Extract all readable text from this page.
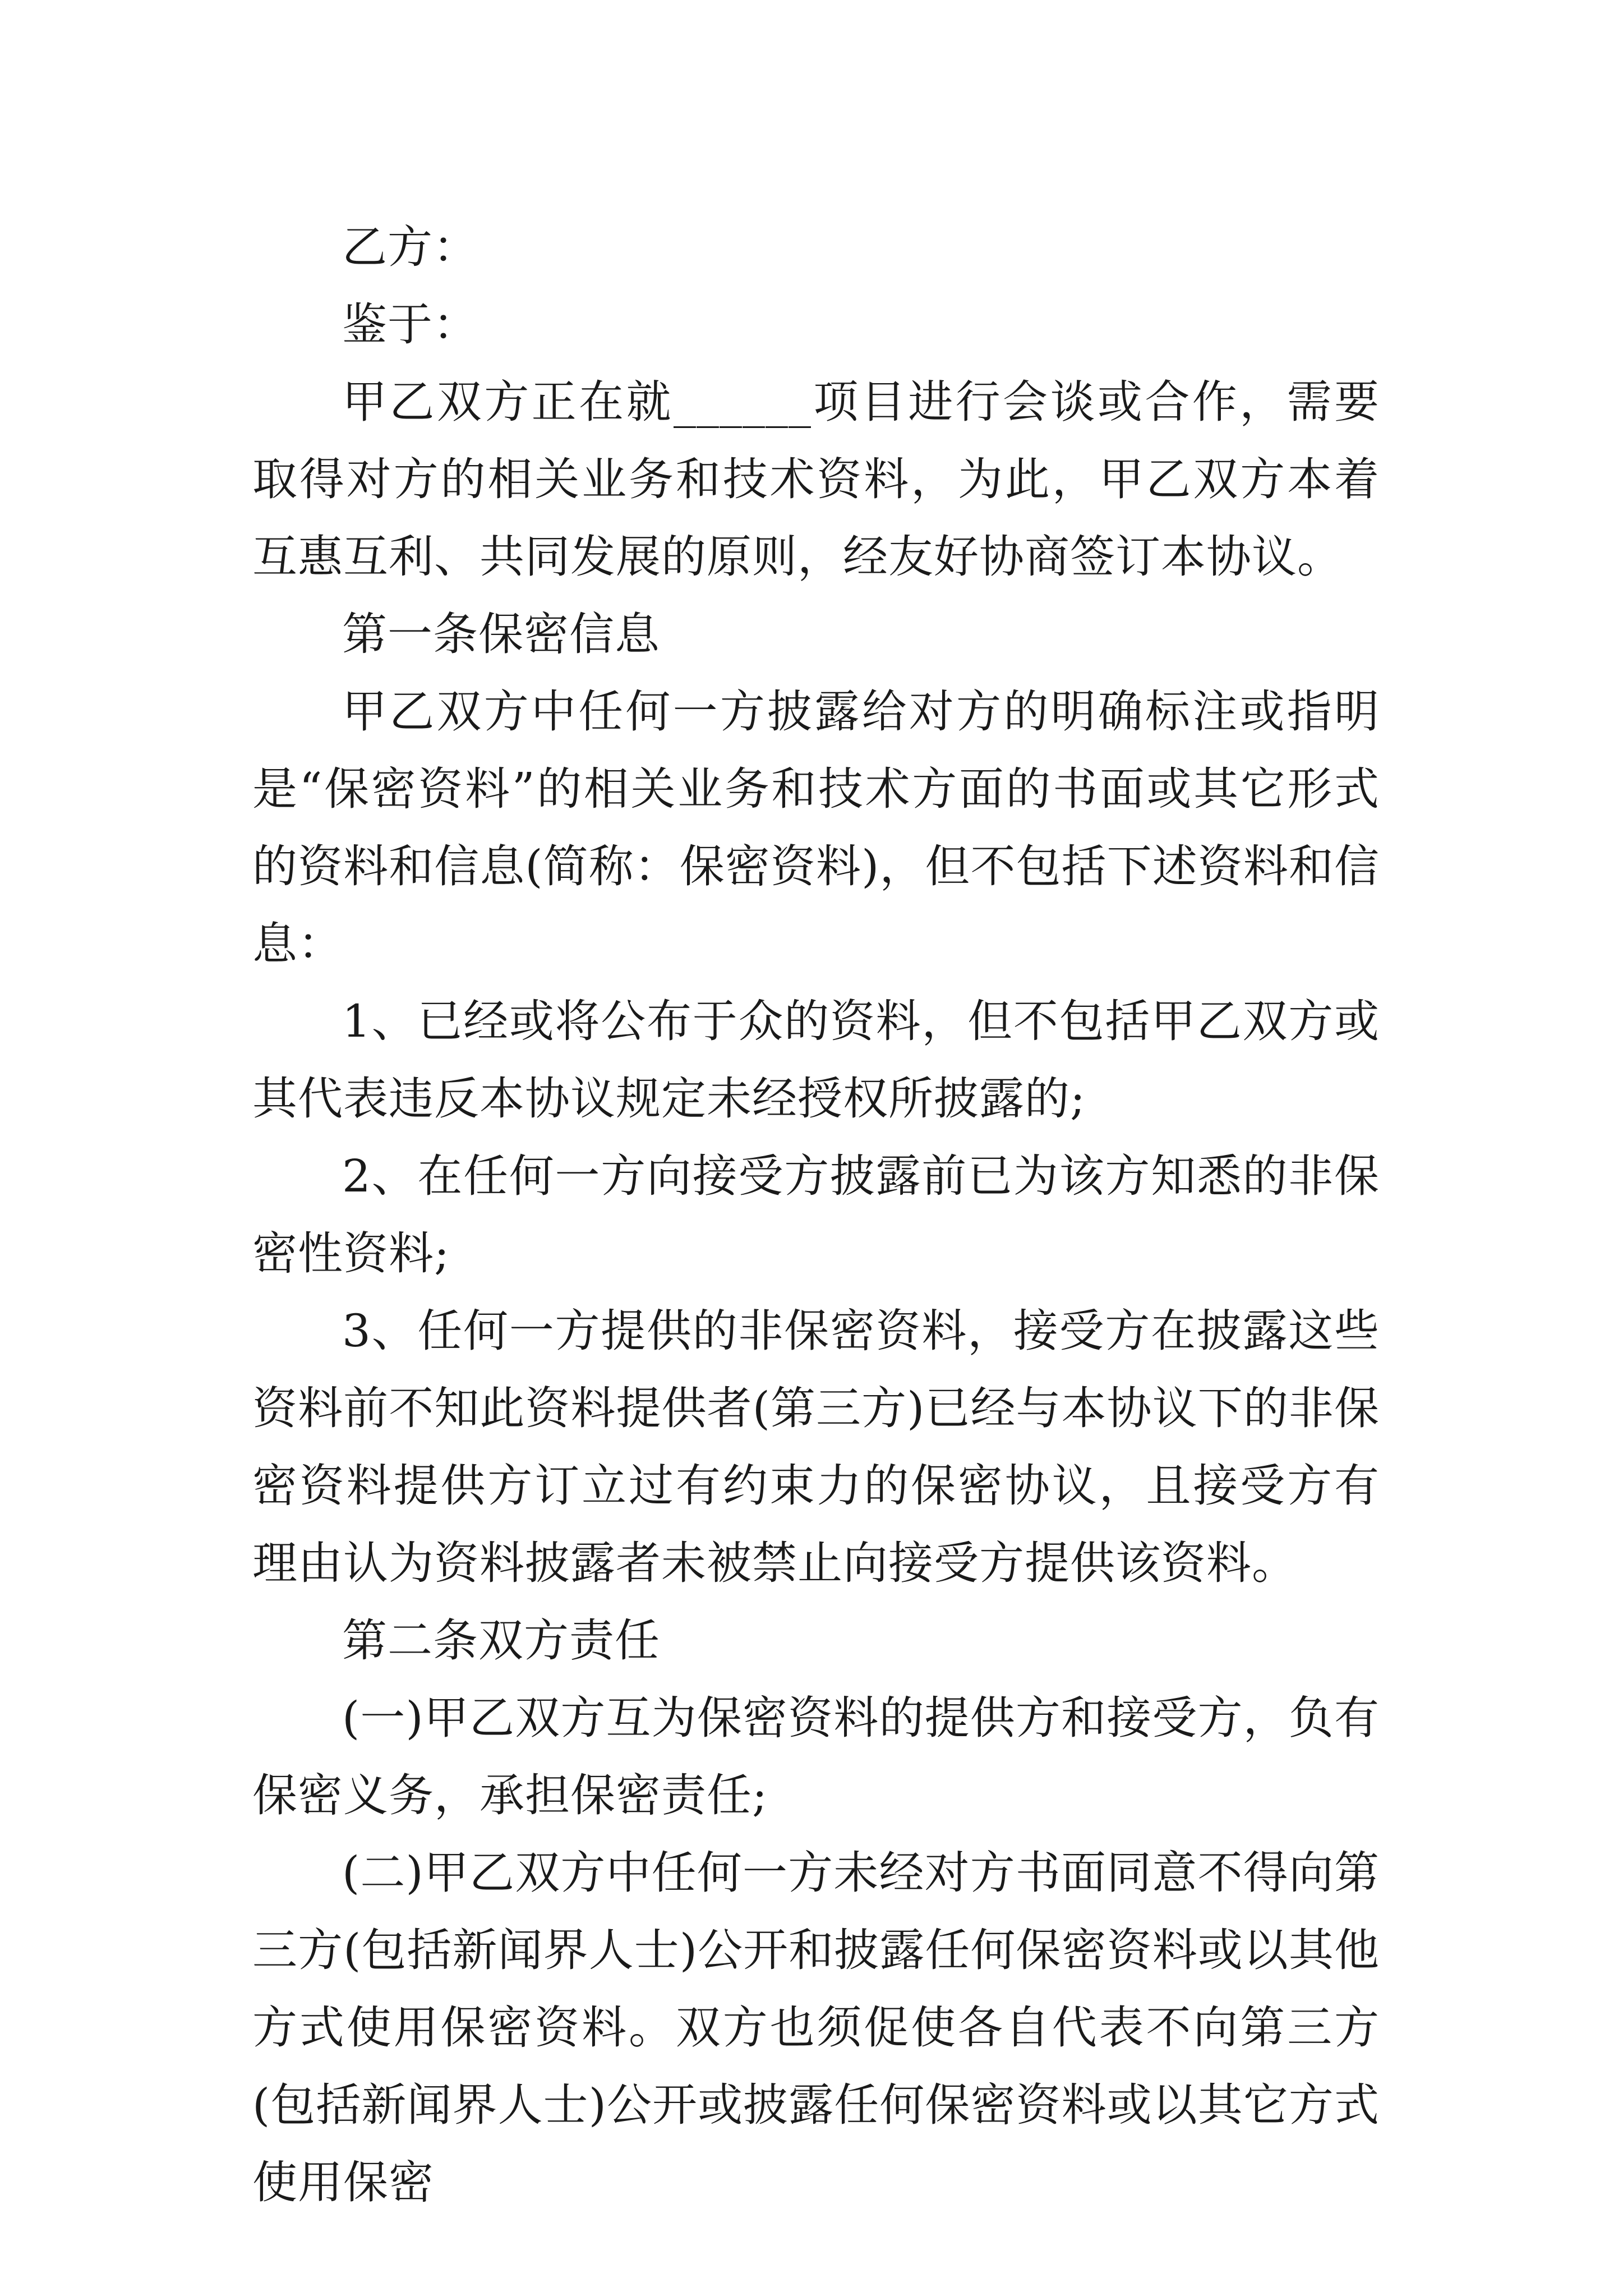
乙方：

鉴于：

甲乙双方正在就______项目进行会谈或合作，需要取得对方的相关业务和技术资料，为此，甲乙双方本着互惠互利、共同发展的原则，经友好协商签订本协议。

第一条保密信息

甲乙双方中任何一方披露给对方的明确标注或指明是“保密资料”的相关业务和技术方面的书面或其它形式的资料和信息(简称：保密资料)，但不包括下述资料和信息：

1、已经或将公布于众的资料，但不包括甲乙双方或其代表违反本协议规定未经授权所披露的;

2、在任何一方向接受方披露前已为该方知悉的非保密性资料;

3、任何一方提供的非保密资料，接受方在披露这些资料前不知此资料提供者(第三方)已经与本协议下的非保密资料提供方订立过有约束力的保密协议，且接受方有理由认为资料披露者未被禁止向接受方提供该资料。

第二条双方责任

(一)甲乙双方互为保密资料的提供方和接受方，负有保密义务，承担保密责任;

(二)甲乙双方中任何一方未经对方书面同意不得向第三方(包括新闻界人士)公开和披露任何保密资料或以其他方式使用保密资料。双方也须促使各自代表不向第三方(包括新闻界人士)公开或披露任何保密资料或以其它方式使用保密
